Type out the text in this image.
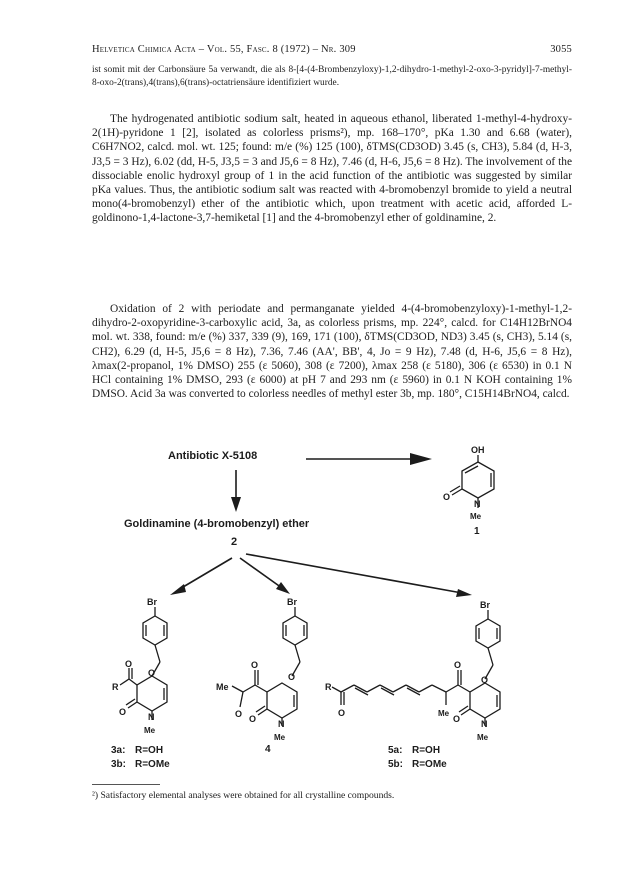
Helvetica Chimica Acta – Vol. 55, Fasc. 8 (1972) – Nr. 309	3055
ist somit mit der Carbonsäure 5a verwandt, die als 8-[4-(4-Brombenzyloxy)-1,2-dihydro-1-methyl-2-oxo-3-pyridyl]-7-methyl-8-oxo-2(trans),4(trans),6(trans)-octatriensäure identifiziert wurde.
The hydrogenated antibiotic sodium salt, heated in aqueous ethanol, liberated 1-methyl-4-hydroxy-2(1H)-pyridone 1 [2], isolated as colorless prisms²), mp. 168–170°, pKa 1.30 and 6.68 (water), C6H7NO2, calcd. mol. wt. 125; found: m/e (%) 125 (100), δTMS(CD3OD) 3.45 (s, CH3), 5.84 (d, H-3, J3,5 = 3 Hz), 6.02 (dd, H-5, J3,5 = 3 and J5,6 = 8 Hz), 7.46 (d, H-6, J5,6 = 8 Hz). The involvement of the dissociable enolic hydroxyl group of 1 in the acid function of the antibiotic was suggested by similar pKa values. Thus, the antibiotic sodium salt was reacted with 4-bromobenzyl bromide to yield a neutral mono(4-bromobenzyl) ether of the antibiotic which, upon treatment with acetic acid, afforded L-goldinono-1,4-lactone-3,7-hemiketal [1] and the 4-bromobenzyl ether of goldinamine, 2.
Oxidation of 2 with periodate and permanganate yielded 4-(4-bromobenzyloxy)-1-methyl-1,2-dihydro-2-oxopyridine-3-carboxylic acid, 3a, as colorless prisms, mp. 224°, calcd. for C14H12BrNO4 mol. wt. 338, found: m/e (%) 337, 339 (9), 169, 171 (100), δTMS(CD3OD, ND3) 3.45 (s, CH3), 5.14 (s, CH2), 6.29 (d, H-5, J5,6 = 8 Hz), 7.36, 7.46 (AA', BB', 4, Jo = 9 Hz), 7.48 (d, H-6, J5,6 = 8 Hz), λmax(2-propanol, 1% DMSO) 255 (ε 5060), 308 (ε 7200), λmax 258 (ε 5180), 306 (ε 6530) in 0.1 N HCl containing 1% DMSO, 293 (ε 6000) at pH 7 and 293 nm (ε 5960) in 0.1 N KOH containing 1% DMSO. Acid 3a was converted to colorless needles of methyl ester 3b, mp. 180°, C15H14BrNO4, calcd.
OH
O
N
Me
1
Br
O
O
R
O N
Me
Br
O
O
Me
O O N
Me
Br
O
O
R
O	Me
O N
Me
Antibiotic X-5108
Goldinamine (4-bromobenzyl) ether
2
3a: R=OH
3b: R=OMe
4	5a: R=OH
5b: R=OMe
²) Satisfactory elemental analyses were obtained for all crystalline compounds.
